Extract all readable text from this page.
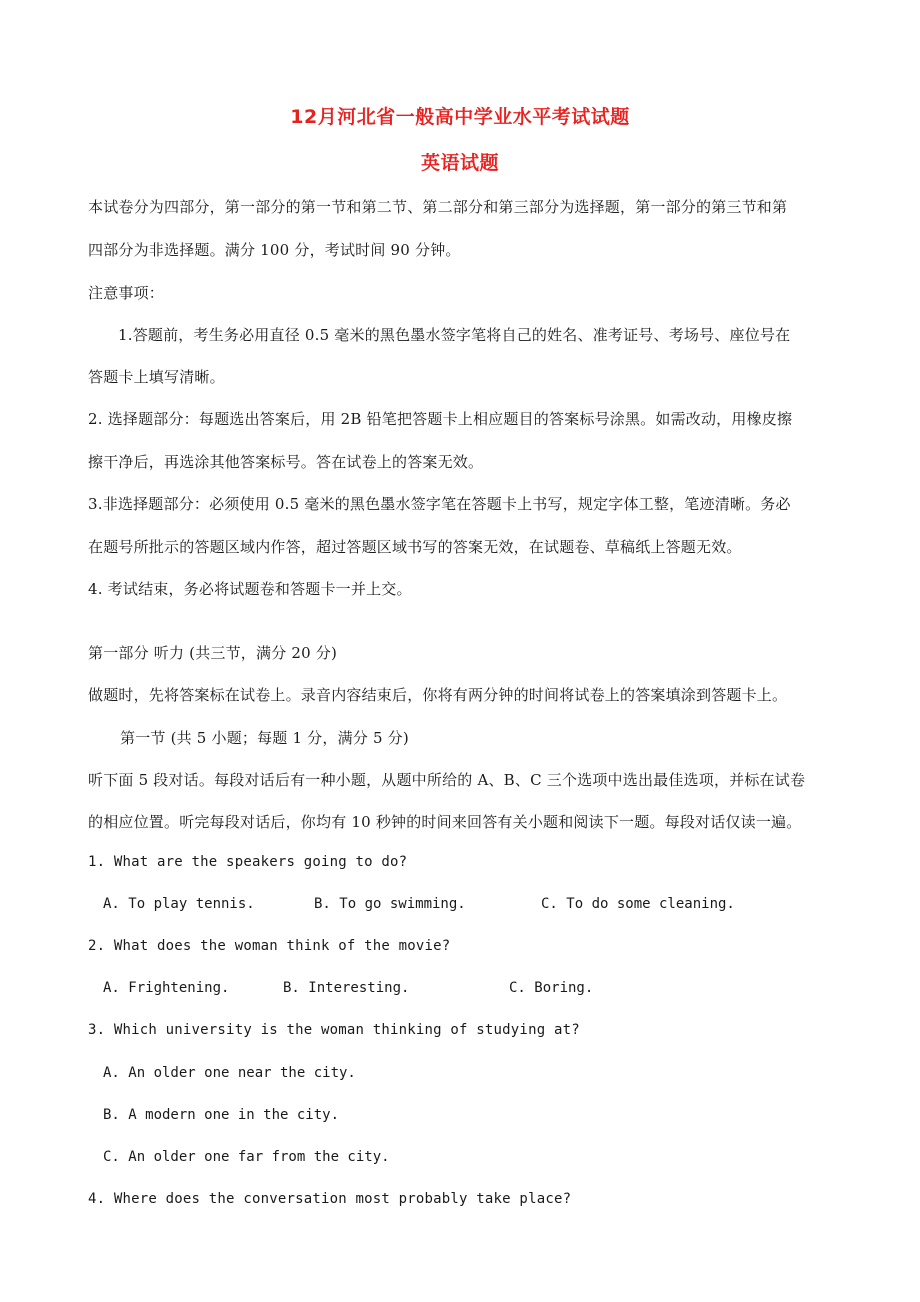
12月河北省一般高中学业水平考试试题
英语试题
本试卷分为四部分，第一部分的第一节和第二节、第二部分和第三部分为选择题，第一部分的第三节和第
四部分为非选择题。满分 100 分，考试时间 90 分钟。
注意事项：
1.答题前，考生务必用直径 0.5 毫米的黑色墨水签字笔将自己的姓名、准考证号、考场号、座位号在
答题卡上填写清晰。
2. 选择题部分：每题选出答案后，用 2B 铅笔把答题卡上相应题目的答案标号涂黑。如需改动，用橡皮擦
擦干净后，再选涂其他答案标号。答在试卷上的答案无效。
3.非选择题部分：必须使用 0.5 毫米的黑色墨水签字笔在答题卡上书写，规定字体工整，笔迹清晰。务必
在题号所批示的答题区域内作答，超过答题区域书写的答案无效，在试题卷、草稿纸上答题无效。
4. 考试结束，务必将试题卷和答题卡一并上交。
第一部分 听力 (共三节，满分 20 分)
做题时，先将答案标在试卷上。录音内容结束后，你将有两分钟的时间将试卷上的答案填涂到答题卡上。
第一节 (共 5 小题；每题 1 分，满分 5 分)
听下面 5 段对话。每段对话后有一种小题，从题中所给的 A、B、C 三个选项中选出最佳选项，并标在试卷
的相应位置。听完每段对话后，你均有 10 秒钟的时间来回答有关小题和阅读下一题。每段对话仅读一遍。
1. What are the speakers going to do?
A. To play tennis.	B. To go swimming.	C. To do some cleaning.
2. What does the woman think of the movie?
A. Frightening.	B. Interesting.	C. Boring.
3. Which university is the woman thinking of studying at?
A. An older one near the city.
B. A modern one in the city.
C. An older one far from the city.
4. Where does the conversation most probably take place?
